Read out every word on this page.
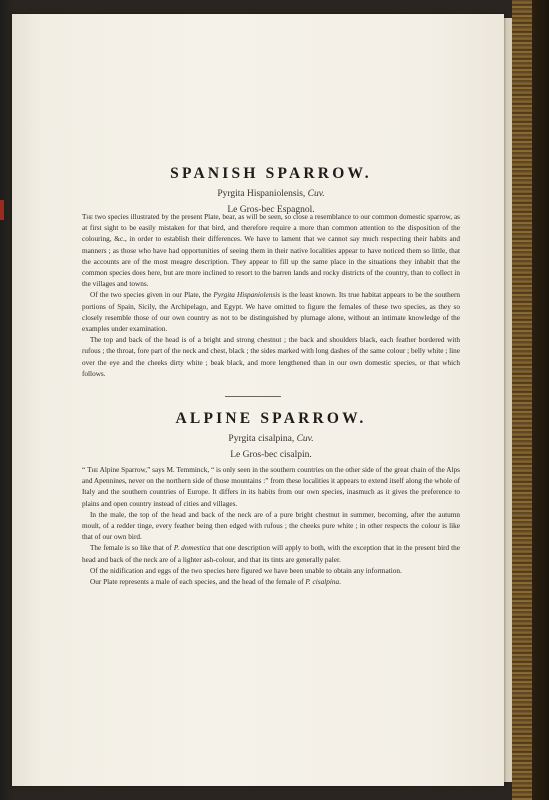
SPANISH SPARROW.

Pyrgita Hispaniolensis, Cuv.

Le Gros-bec Espagnol.

The two species illustrated by the present Plate, bear, as will be seen, so close a resemblance to our common domestic sparrow, as at first sight to be easily mistaken for that bird, and therefore require a more than common attention to the disposition of the colouring, &c., in order to establish their differences. We have to lament that we cannot say much respecting their habits and manners ; as those who have had opportunities of seeing them in their native localities appear to have noticed them so little, that the accounts are of the most meagre description. They appear to fill up the same place in the situations they inhabit that the common species does here, but are more inclined to resort to the barren lands and rocky districts of the country, than to collect in the villages and towns.

Of the two species given in our Plate, the Pyrgita Hispaniolensis is the least known. Its true habitat appears to be the southern portions of Spain, Sicily, the Archipelago, and Egypt. We have omitted to figure the females of these two species, as they so closely resemble those of our own country as not to be distinguished by plumage alone, without an intimate knowledge of the examples under examination.

The top and back of the head is of a bright and strong chestnut ; the back and shoulders black, each feather bordered with rufous ; the throat, fore part of the neck and chest, black ; the sides marked with long dashes of the same colour ; belly white ; line over the eye and the cheeks dirty white ; beak black, and more lengthened than in our own domestic species, or that which follows.

ALPINE SPARROW.

Pyrgita cisalpina, Cuv.

Le Gros-bec cisalpin.

“ The Alpine Sparrow,” says M. Temminck, “ is only seen in the southern countries on the other side of the great chain of the Alps and Apennines, never on the northern side of those mountains :” from these localities it appears to extend itself along the whole of Italy and the southern countries of Europe. It differs in its habits from our own species, inasmuch as it gives the preference to plains and open country instead of cities and villages.

In the male, the top of the head and back of the neck are of a pure bright chestnut in summer, becoming, after the autumn moult, of a redder tinge, every feather being then edged with rufous ; the cheeks pure white ; in other respects the colour is like that of our own bird.

The female is so like that of P. domestica that one description will apply to both, with the exception that in the present bird the head and back of the neck are of a lighter ash-colour, and that its tints are generally paler.

Of the nidification and eggs of the two species here figured we have been unable to obtain any information.

Our Plate represents a male of each species, and the head of the female of P. cisalpina.
